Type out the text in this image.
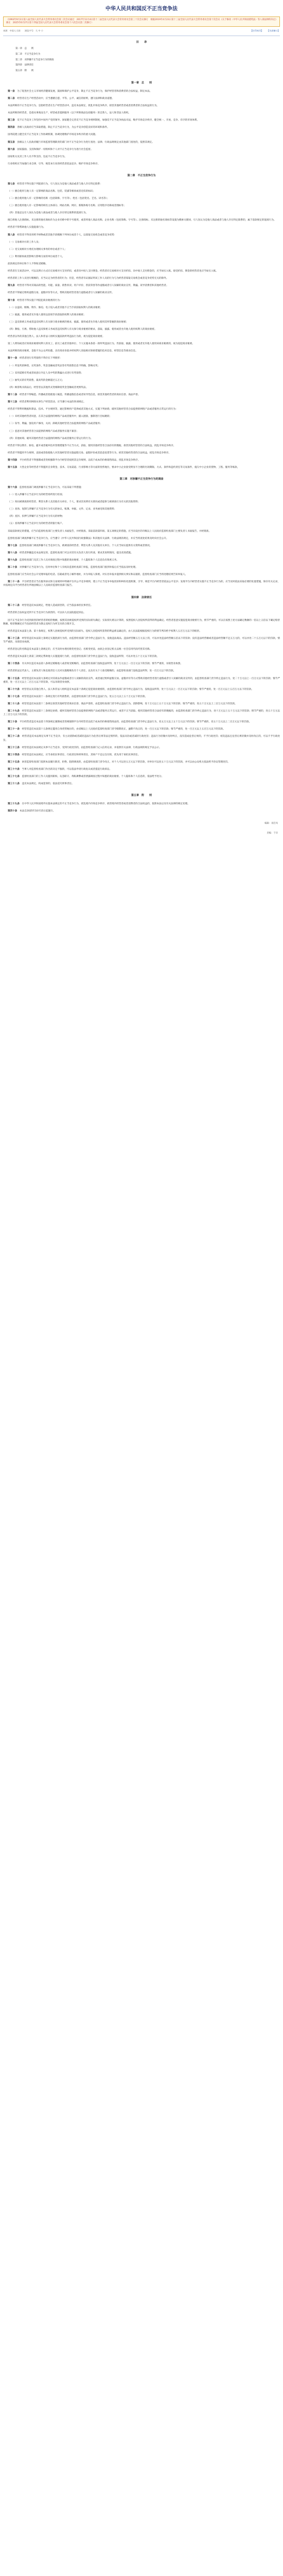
中华人民共和国反不正当竞争法
（1993年9月2日第八届全国人民代表大会常务委员会第三次会议通过　2017年11月4日第十二届全国人民代表大会常务委员会第三十次会议修订　根据2019年4月23日第十三届全国人民代表大会常务委员会第十次会议《关于修改〈中华人民共和国建筑法〉等八部法律的决定》修正　2025年6月27日第十四届全国人民代表大会常务委员会第十六次会议第二次修订）
来源：中国人大网　　浏览字号：大 中 小	【打印本页】 【关闭窗口】
目　　录
第一章　总　　则
第二章　不正当竞争行为
第三章　对涉嫌不正当竞争行为的调查
第四章　法律责任
第五章　附　　则
第一章　总　　则

第一条　 为了促进社会主义市场经济健康发展，鼓励和保护公平竞争，制止不正当竞争行为，保护经营者和消费者的合法权益，制定本法。

第二条　 经营者在生产经营活动中，应当遵循自愿、平等、公平、诚信的原则，遵守法律和商业道德。

本法所称的不正当竞争行为，是指经营者在生产经营活动中，违反本法规定，扰乱市场竞争秩序，损害其他经营者或者消费者的合法权益的行为。

本法所称的经营者，是指从事商品生产、经营或者提供服务（以下所称商品包括服务）的自然人、法人和非法人组织。

第三条　 反不正当竞争工作坚持中国共产党的领导。国家健全完善反不正当竞争规则制度，加强反不正当竞争执法司法，维护市场竞争秩序，健全统一、开放、竞争、有序的市场体系。

第四条　 各级人民政府应当采取措施，制止不正当竞争行为，为公平竞争创造良好的环境和条件。

国务院建立健全反不正当竞争工作协调机制，协调处理维护市场竞争秩序的重大问题。

第五条　 县级以上人民政府履行市场监督管理职责的部门对不正当竞争行为进行查处；法律、行政法规规定由其他部门查处的，依照其规定。

第六条　 国家鼓励、支持和保护一切组织和个人对不正当竞争行为进行社会监督。

国家机关及其工作人员不得支持、包庇不正当竞争行为。

行业组织应当加强行业自律，引导、规范本行业的经营者依法竞争，维护市场竞争秩序。

第二章　不正当竞争行为

第七条　 经营者不得实施下列混淆行为，引人误认为是他人商品或者与他人存在特定联系：

（一）擅自使用与他人有一定影响的商品名称、包装、装潢等相同或者近似的标识；

（二）擅自使用他人有一定影响的名称（包括简称、字号等）、姓名（包括笔名、艺名、译名等）；

（三）擅自使用他人有一定影响的域名主体部分、网站名称、网页、新媒体账号名称、应用程序名称或者图标等；

（四）其他足以引人误认为是他人商品或者与他人存在特定联系的混淆行为。

擅自将他人注册商标、未注册的驰名商标作为企业名称中的字号使用，或者将他人商品名称、企业名称（包括简称、字号等）、注册商标、未注册的驰名商标等设置为搜索关键词，引人误认为是他人商品或者与他人存在特定联系的，属于前款规定的混淆行为。

经营者不得帮助他人实施混淆行为。

第八条　 经营者不得采用给予财物或者其他手段贿赂下列单位或者个人，以谋取交易机会或者竞争优势：

（一）交易相对方的工作人员；

（二）受交易相对方委托办理相关事务的单位或者个人；

（三）利用职权或者影响力影响交易的单位或者个人。

前款规定的单位和个人不得收受贿赂。

经营者在交易活动中，可以以明示方式向交易相对方支付折扣，或者向中间人支付佣金。经营者向交易相对方支付折扣、向中间人支付佣金的，应当如实入账。接受折扣、佣金的经营者也应当如实入账。

经营者的工作人员进行贿赂的，应当认定为经营者的行为；但是，经营者有证据证明该工作人员的行为与为经营者谋取交易机会或者竞争优势无关的除外。

第九条　 经营者不得对其商品的性能、功能、质量、销售状况、用户评价、曾获荣誉等作虚假或者引人误解的商业宣传，欺骗、误导消费者和其他经营者。

经营者不得通过组织虚假交易、虚假评价等方式，帮助其他经营者进行虚假或者引人误解的商业宣传。

第十条　 经营者不得实施下列侵犯商业秘密的行为：

（一）以盗窃、贿赂、欺诈、胁迫、电子侵入或者其他不正当手段获取权利人的商业秘密；

（二）披露、使用或者允许他人使用以前项手段获取的权利人的商业秘密；

（三）违反保密义务或者违反权利人有关保守商业秘密的要求，披露、使用或者允许他人使用其所掌握的商业秘密；

（四）教唆、引诱、帮助他人违反保密义务或者违反权利人有关保守商业秘密的要求，获取、披露、使用或者允许他人使用权利人的商业秘密。

经营者以外的其他自然人、法人和非法人组织实施前款所列违法行为的，视为侵犯商业秘密。

第三人明知或者应知商业秘密权利人的员工、前员工或者其他单位、个人实施本条第一款所列违法行为，仍获取、披露、使用或者允许他人使用该商业秘密的，视为侵犯商业秘密。

本法所称的商业秘密，是指不为公众所知悉、具有商业价值并经权利人采取相应保密措施的技术信息、经营信息等商业信息。

第十一条　 经营者进行有奖销售不得存在下列情形：

（一）所设奖的种类、兑奖条件、奖金金额或者奖品等有奖销售信息不明确，影响兑奖；

（二）采用谎称有奖或者故意让内定人员中奖的欺骗方式进行有奖销售；

（三）抽奖式的有奖销售，最高奖的金额超过五万元；

（四）顾客购买商品后，经营者以其他形式变相降低奖金金额或者更换奖品。

第十二条　 经营者不得编造、传播或者指使他人编造、传播虚假信息或者误导性信息，损害其他经营者的商业信誉、商品声誉。

第十三条　 经营者利用网络从事生产经营活动，应当遵守本法的各项规定。

经营者不得利用数据和算法、技术、平台规则等，通过影响用户选择或者其他方式，实施下列妨碍、破坏其他经营者合法提供的网络产品或者服务正常运行的行为：

（一）未经其他经营者同意，在其合法提供的网络产品或者服务中，插入链接、强制进行目标跳转；

（二）误导、欺骗、强迫用户修改、关闭、卸载其他经营者合法提供的网络产品或者服务；

（三）恶意对其他经营者合法提供的网络产品或者服务实施不兼容；

（四）其他妨碍、破坏其他经营者合法提供的网络产品或者服务正常运行的行为。

经营者不得以欺诈、胁迫、避开或者破坏技术管理措施等不正当方式，获取、使用其他经营者合法持有的数据，损害其他经营者的合法权益，扰乱市场竞争秩序。

经营者不得滥用平台规则，直接或者指使他人对其他经营者实施虚假交易、虚假评价或者恶意退货等行为，损害其他经营者的合法权益，扰乱市场竞争秩序。

第十四条　 平台经营者不得强制或者变相强制平台内经营者按照其定价规则，以低于成本的价格销售商品，扰乱市场竞争秩序。

第十五条　 大型企业等经营者不得滥用自身资金、技术、交易渠道、行业影响力等方面的优势地位，要求中小企业接受明显不合理的付款期限、方式、条件和违约责任等交易条件，拖欠中小企业的货物、工程、服务等账款。

第三章　对涉嫌不正当竞争行为的调查

第十六条　 监督检查部门调查涉嫌不正当竞争行为，可以采取下列措施：

（一）进入涉嫌不正当竞争行为的经营场所进行检查；

（二）询问被调查的经营者、利害关系人及其他有关单位、个人，要求其说明有关情况或者提供与被调查行为有关的其他资料；

（三）查询、复制与涉嫌不正当竞争行为有关的协议、账簿、单据、文件、记录、业务函电和其他资料；

（四）查封、扣押与涉嫌不正当竞争行为有关的财物；

（五）查询涉嫌不正当竞争行为的经营者的银行账户。

采取前款规定的措施，应当向监督检查部门主要负责人书面报告，并经批准。采取前款第四项、第五项规定的措施，应当向设区的市级以上人民政府监督检查部门主要负责人书面报告，并经批准。

监督检查部门调查涉嫌不正当竞争行为，应当遵守《中华人民共和国行政强制法》和其他有关法律、行政法规的规定，并应当将查处结果及时向社会公开。

第十七条　 监督检查部门调查涉嫌不正当竞争行为，被调查的经营者、利害关系人及其他有关单位、个人应当如实提供有关资料或者情况。

第十八条　 经营者涉嫌违反本法规定的，监督检查部门可以对其有关负责人进行约谈，要求其说明情况、提出改进措施。

第十九条　 监督检查部门及其工作人员对调查过程中知悉的商业秘密、个人隐私和个人信息负有保密义务。

第二十条　 对涉嫌不正当竞争行为，任何单位和个人有权向监督检查部门举报，监督检查部门接到举报后应当依法及时处理。

监督检查部门应当向社会公开受理举报的电话、信箱或者电子邮件地址，并为举报人保密。对实名举报并提供相关事实和证据的，监督检查部门应当将处理结果告知举报人。

第二十一条　 平台经营者应当在服务协议和交易规则中明确平台内公平竞争规则，建立不正当竞争举报投诉和纠纷处置机制，引导、规范平台内经营者依法公平竞争；发现平台内经营者实施不正当竞争行为的，应当及时依法采取必要的处置措施，保存有关记录，并按规定向平台经营者住所地县级以上人民政府监督检查部门报告。

第四章　法律责任

第二十二条　 经营者违反本法规定，给他人造成损害的，应当依法承担民事责任。

经营者的合法权益受到不正当竞争行为损害的，可以向人民法院提起诉讼。

因不正当竞争行为受到损害的经营者的赔偿数额，按照其因被侵权所受到的实际损失确定；实际损失难以计算的，按照侵权人因侵权所获得的利益确定。经营者恶意实施侵犯商业秘密行为，情节严重的，可以在按照上述方法确定数额的一倍以上五倍以下确定赔偿数额。赔偿数额还应当包括经营者为制止侵权行为所支付的合理开支。

经营者违反本法第七条、第十条规定，权利人因被侵权所受到的实际损失、侵权人因侵权所获得的利益难以确定的，由人民法院根据侵权行为的情节判决给予权利人五百万元以下的赔偿。

第二十三条　 经营者违反本法第七条规定实施混淆行为的，由监督检查部门责令停止违法行为，没收违法商品。违法经营额五万元以上的，可以并处违法经营额五倍以下的罚款；没有违法经营额或者违法经营额不足五万元的，可以并处二十五万元以下的罚款。情节严重的，吊销营业执照。

经营者登记的名称违反本法第七条规定的，应当及时办理名称变更登记；名称变更前，由原企业登记机关以统一社会信用代码代替其名称。

经营者违反本法第七条第三款规定帮助他人实施混淆行为的，由监督检查部门责令停止违法行为，没收违法所得，可以并处五十万元以下的罚款。

第二十四条　 有关单位违反本法第八条规定贿赂他人或者收受贿赂的，由监督检查部门没收违法所得，处十万元以上一百万元以下的罚款；情节严重的，吊销营业执照。

经营者的法定代表人、主要负责人和直接责任人员对实施贿赂负有个人责任，以及有关个人收受贿赂的，由监督检查部门没收违法所得，处一百万元以下的罚款。

第二十五条　 经营者违反本法第九条规定对其商品作虚假或者引人误解的商业宣传，或者通过组织虚假交易、虚假评价等方式帮助其他经营者进行虚假或者引人误解的商业宣传的，由监督检查部门责令停止违法行为，处二十万元以上一百万元以下的罚款；情节严重的，处一百万元以上二百万元以下的罚款，可以吊销营业执照。

第二十六条　 经营者以及其他自然人、法人和非法人组织违反本法第十条规定侵犯商业秘密的，由监督检查部门责令停止违法行为，没收违法所得，处十万元以上一百万元以下的罚款；情节严重的，处一百万元以上五百万元以下的罚款。

第二十七条　 经营者违反本法第十一条规定进行有奖销售的，由监督检查部门责令停止违法行为，处五万元以上五十万元以下的罚款。

第二十八条　 经营者违反本法第十二条规定损害其他经营者商业信誉、商品声誉的，由监督检查部门责令停止违法行为、消除影响，处十万元以上五十万元以下的罚款；情节严重的，处五十万元以上三百万元以下的罚款。

第二十九条　 经营者违反本法第十三条规定妨碍、破坏其他经营者合法提供的网络产品或者服务正常运行，或者不正当获取、使用其他经营者合法持有的数据的，由监督检查部门责令停止违法行为，处十万元以上五十万元以下的罚款；情节严重的，处五十万元以上三百万元以下的罚款。

第三十条　 平台经营者违反本法第十四条规定强制或者变相强制平台内经营者以低于成本的价格销售商品的，由监督检查部门责令停止违法行为，处五万元以上五十万元以下的罚款；情节严重的，处五十万元以上二百万元以下的罚款。

第三十一条　 经营者违反本法第十五条规定滥用自身优势地位的，由省级以上人民政府监督检查部门责令限期改正，逾期不改正的，处一百万元以下的罚款；情节严重的，处一百万元以上五百万元以下的罚款。

第三十二条　 经营者违反本法规定从事不正当竞争，有主动消除或者减轻违法行为危害后果等法定情形的，依法从轻或者减轻行政处罚；违法行为轻微并及时纠正，没有造成危害后果的，不予行政处罚；初次违法且危害后果轻微并及时改正的，可以不予行政处罚。

第三十三条　 经营者违反本法规定从事不正当竞争，受到行政处罚的，由监督检查部门记入信用记录，并依照有关法律、行政法规的规定予以公示。

第三十四条　 经营者违反本法规定，应当承担民事责任、行政责任和刑事责任，其财产不足以支付的，优先用于承担民事责任。

第三十五条　 妨害监督检查部门依照本法履行职责，拒绝、阻碍调查的，由监督检查部门责令改正，对个人可以处五万元以下的罚款，对单位可以处五十万元以下的罚款，并可以由公安机关依法给予治安管理处罚。

第三十六条　 当事人对监督检查部门作出的决定不服的，可以依法申请行政复议或者提起行政诉讼。

第三十七条　 监督检查部门的工作人员滥用职权、玩忽职守、徇私舞弊或者泄露调查过程中知悉的商业秘密、个人隐私和个人信息的，依法给予处分。

第三十八条　 违反本法规定，构成犯罪的，依法追究刑事责任。

第五章　附　　则

第三十九条　 在中华人民共和国境外实施本法规定的不正当竞争行为，扰乱境内市场竞争秩序，损害境内经营者或者消费者的合法权益的，依照本法以及有关法律的规定处理。

第四十条　 本法自2025年10月15日起施行。

编辑：刘启凤
责编：于洋
